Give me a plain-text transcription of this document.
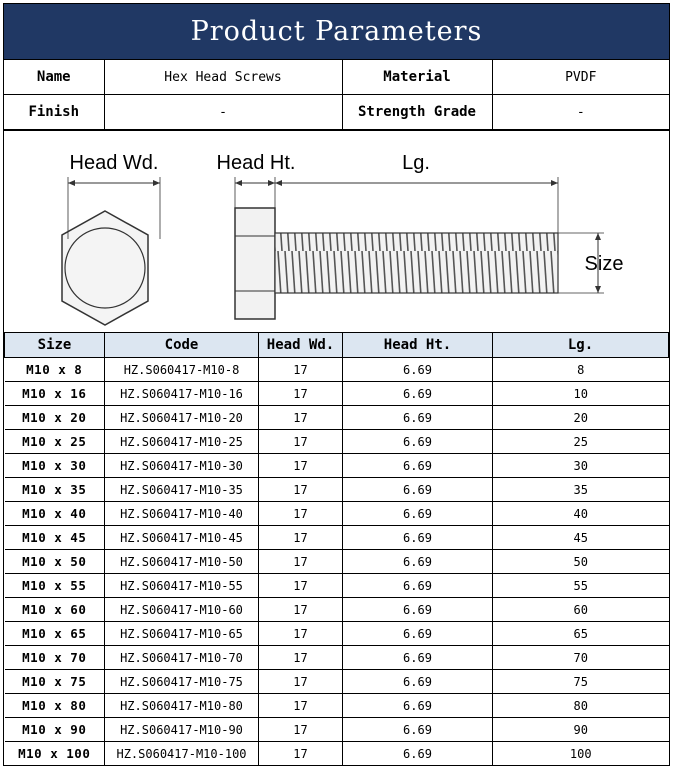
Product Parameters
Name	Hex Head Screws	Material	PVDF
Finish	-	Strength Grade	-
Head Wd.	Head Ht.	Lg.
Size
Size	Code	Head Wd.	Head Ht.	Lg.
M10 x 8	HZ.S060417-M10-8	17	6.69	8
M10 x 16	HZ.S060417-M10-16	17	6.69	10
M10 x 20	HZ.S060417-M10-20	17	6.69	20
M10 x 25	HZ.S060417-M10-25	17	6.69	25
M10 x 30	HZ.S060417-M10-30	17	6.69	30
M10 x 35	HZ.S060417-M10-35	17	6.69	35
M10 x 40	HZ.S060417-M10-40	17	6.69	40
M10 x 45	HZ.S060417-M10-45	17	6.69	45
M10 x 50	HZ.S060417-M10-50	17	6.69	50
M10 x 55	HZ.S060417-M10-55	17	6.69	55
M10 x 60	HZ.S060417-M10-60	17	6.69	60
M10 x 65	HZ.S060417-M10-65	17	6.69	65
M10 x 70	HZ.S060417-M10-70	17	6.69	70
M10 x 75	HZ.S060417-M10-75	17	6.69	75
M10 x 80	HZ.S060417-M10-80	17	6.69	80
M10 x 90	HZ.S060417-M10-90	17	6.69	90
M10 x 100	HZ.S060417-M10-100	17	6.69	100
